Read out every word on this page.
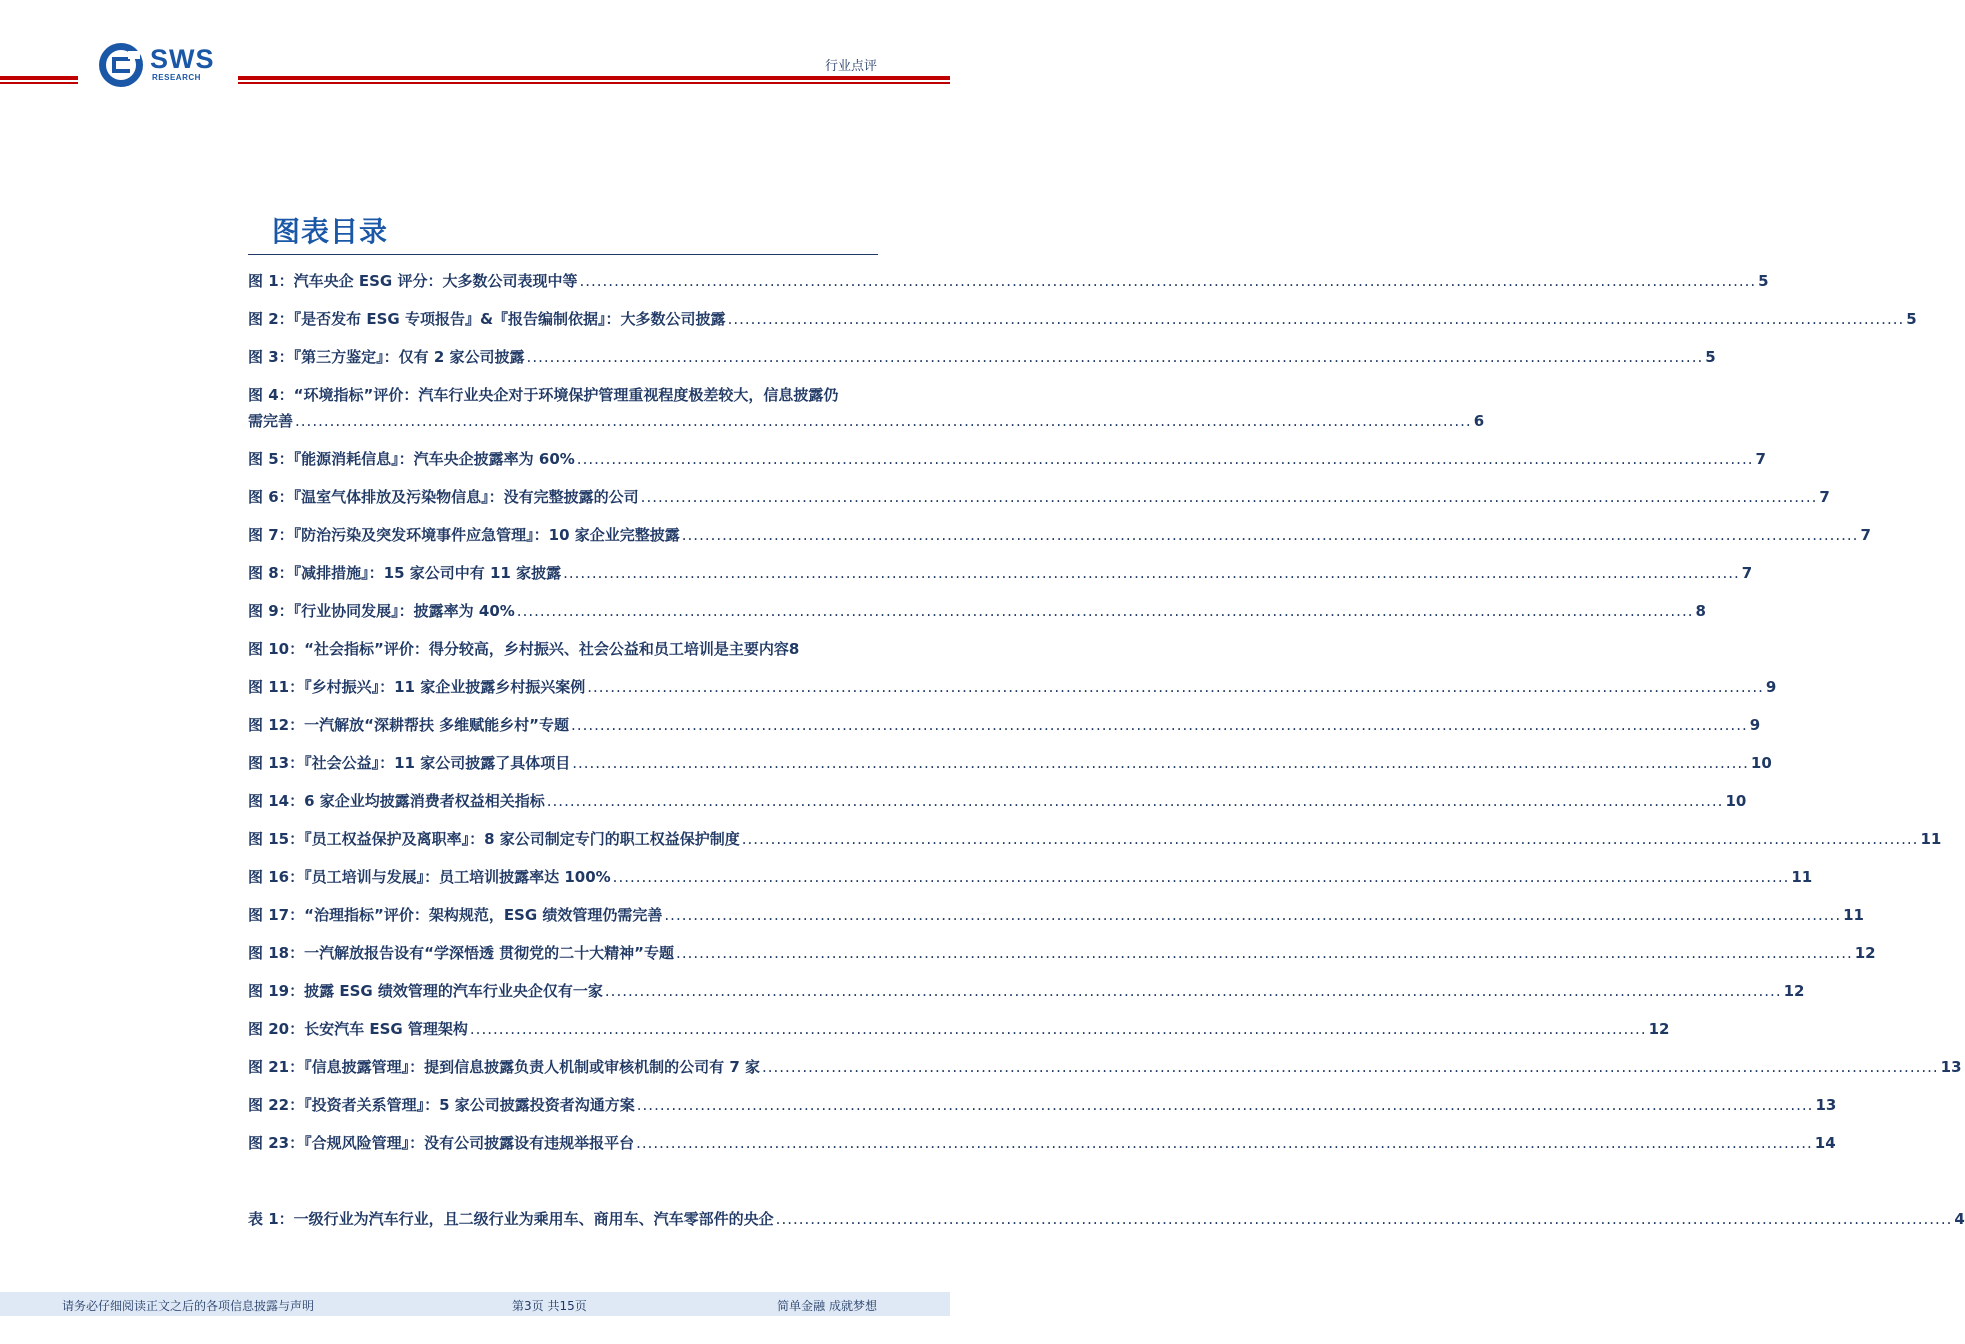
SWS
RESEARCH
行业点评
图表目录
图 1：汽车央企 ESG 评分：大多数公司表现中等 .....	5
图 2：『是否发布 ESG 专项报告』&『报告编制依据』：大多数公司披露 .....	5
图 3：『第三方鉴定』：仅有 2 家公司披露 .....	5
图 4：“环境指标”评价：汽车行业央企对于环境保护管理重视程度极差较大，信息披露仍
需完善 .....	6
图 5：『能源消耗信息』：汽车央企披露率为 60% .....	7
图 6：『温室气体排放及污染物信息』：没有完整披露的公司 .....	7
图 7：『防治污染及突发环境事件应急管理』：10 家企业完整披露 .....	7
图 8：『减排措施』：15 家公司中有 11 家披露 .....	7
图 9：『行业协同发展』：披露率为 40% .....	8
图 10：“社会指标”评价：得分较高，乡村振兴、社会公益和员工培训是主要内容 8
图 11：『乡村振兴』：11 家企业披露乡村振兴案例 .....	9
图 12：一汽解放“深耕帮扶 多维赋能乡村”专题 .....	9
图 13：『社会公益』：11 家公司披露了具体项目 .....	10
图 14：6 家企业均披露消费者权益相关指标 .....	10
图 15：『员工权益保护及离职率』：8 家公司制定专门的职工权益保护制度 .....	11
图 16：『员工培训与发展』：员工培训披露率达 100% .....	11
图 17：“治理指标”评价：架构规范，ESG 绩效管理仍需完善 .....	11
图 18：一汽解放报告设有“学深悟透 贯彻党的二十大精神”专题 .....	12
图 19：披露 ESG 绩效管理的汽车行业央企仅有一家 .....	12
图 20：长安汽车 ESG 管理架构 .....	12
图 21：『信息披露管理』：提到信息披露负责人机制或审核机制的公司有 7 家 .....	13
图 22：『投资者关系管理』：5 家公司披露投资者沟通方案 .....	13
图 23：『合规风险管理』：没有公司披露设有违规举报平台 .....	14
表 1：一级行业为汽车行业，且二级行业为乘用车、商用车、汽车零部件的央企 .....	4
请务必仔细阅读正文之后的各项信息披露与声明	第3页 共15页	简单金融 成就梦想
